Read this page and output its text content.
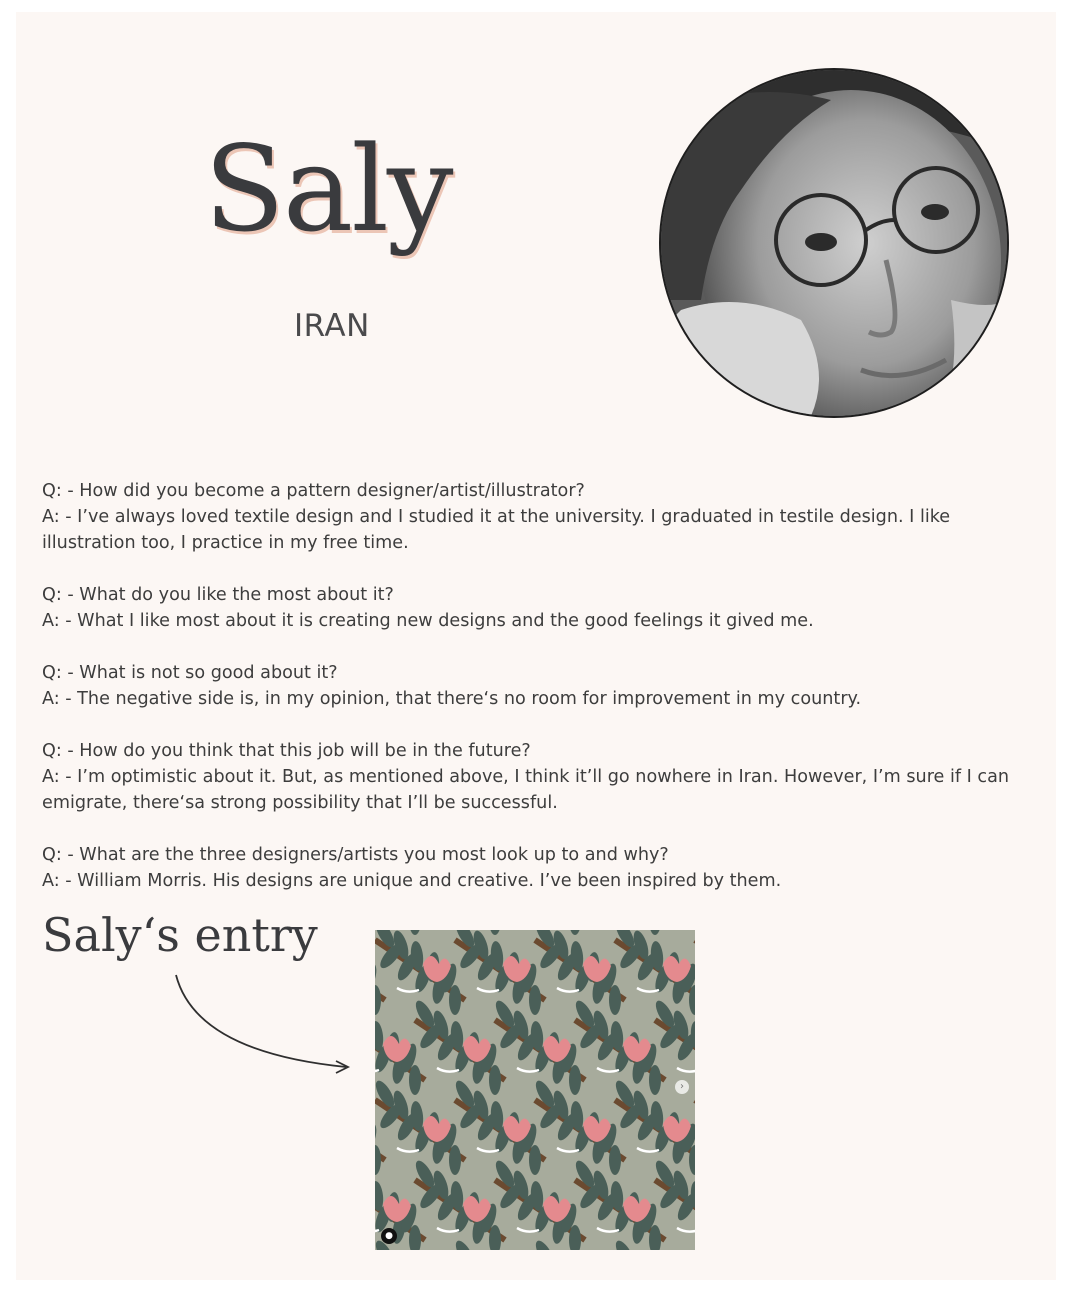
Saly
IRAN

Q: - How did you become a pattern designer/artist/illustrator?

A: - I’ve always loved textile design and I studied it at the university. I graduated in testile design. I like illustration too, I practice in my free time.

Q: - What do you like the most about it?

A: - What I like most about it is creating new designs and the good feelings it gived me.

Q: - What is not so good about it?

A: - The negative side is, in my opinion, that there‘s no room for improvement in my country.

Q: - How do you think that this job will be in the future?

A: - I’m optimistic about it. But, as mentioned above, I think it’ll go nowhere in Iran. However, I’m sure if I can emigrate, there‘sa strong possibility that I’ll be successful.

Q: - What are the three designers/artists you most look up to and why?

A: - William Morris. His designs are unique and creative. I’ve been inspired by them.

Saly‘s entry
›
●
